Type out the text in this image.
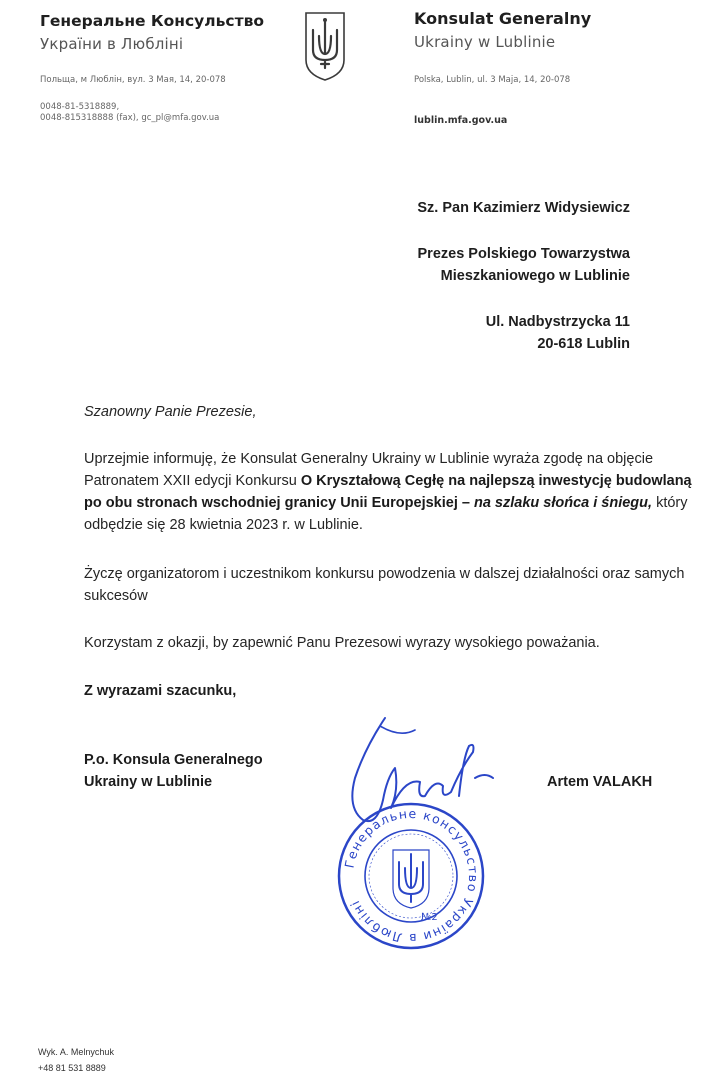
Генеральне Консульство
України в Любліні
Польща, м Люблін, вул. 3 Мая, 14, 20-078
0048-81-5318889,
0048-815318888 (fax), gc_pl@mfa.gov.ua
Konsulat Generalny
Ukrainy w Lublinie
Polska, Lublin, ul. 3 Maja, 14, 20-078
lublin.mfa.gov.ua
Sz. Pan Kazimierz Widysiewicz
Prezes Polskiego Towarzystwa
Mieszkaniowego w Lublinie
Ul. Nadbystrzycka 11
20-618 Lublin
Szanowny Panie Prezesie,
Uprzejmie informuję, że Konsulat Generalny Ukrainy w Lublinie wyraża zgodę na objęcie Patronatem XXII edycji Konkursu O Kryształową Cegłę na najlepszą inwestycję budowlaną po obu stronach wschodniej granicy Unii Europejskiej – na szlaku słońca i śniegu, który odbędzie się 28 kwietnia 2023 r. w Lublinie.
Życzę organizatorom i uczestnikom konkursu powodzenia w dalszej działalności oraz samych sukcesów
Korzystam z okazji, by zapewnić Panu Prezesowi wyrazy wysokiego poważania.
Z wyrazami szacunku,
P.o. Konsula Generalnego
Ukrainy w Lublinie	Artem VALAKH
Генеральне консульство України в Любліні
№2
Wyk. A. Melnychuk
+48 81 531 8889
